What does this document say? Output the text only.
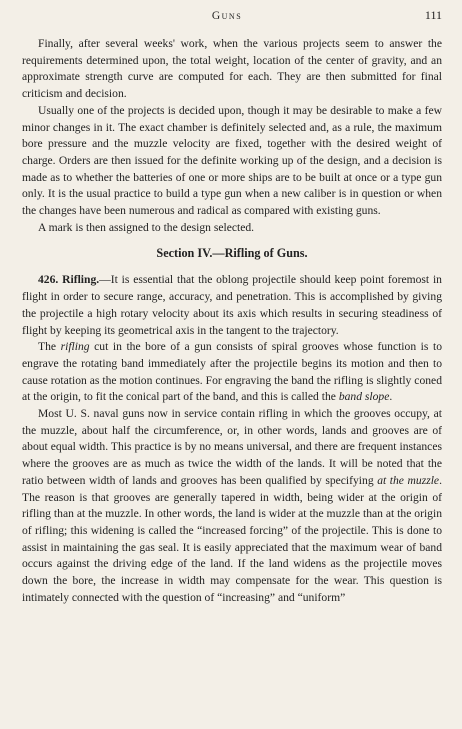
Guns	111

Finally, after several weeks' work, when the various projects seem to answer the requirements determined upon, the total weight, location of the center of gravity, and an approximate strength curve are computed for each. They are then submitted for final criticism and decision.

Usually one of the projects is decided upon, though it may be desirable to make a few minor changes in it. The exact chamber is definitely selected and, as a rule, the maximum bore pressure and the muzzle velocity are fixed, together with the desired weight of charge. Orders are then issued for the definite working up of the design, and a decision is made as to whether the batteries of one or more ships are to be built at once or a type gun only. It is the usual practice to build a type gun when a new caliber is in question or when the changes have been numerous and radical as compared with existing guns.

A mark is then assigned to the design selected.

Section IV.—Rifling of Guns.

426. Rifling.—It is essential that the oblong projectile should keep point foremost in flight in order to secure range, accuracy, and penetration. This is accomplished by giving the projectile a high rotary velocity about its axis which results in securing steadiness of flight by keeping its geometrical axis in the tangent to the trajectory.

The rifling cut in the bore of a gun consists of spiral grooves whose function is to engrave the rotating band immediately after the projectile begins its motion and then to cause rotation as the motion continues. For engraving the band the rifling is slightly coned at the origin, to fit the conical part of the band, and this is called the band slope.

Most U. S. naval guns now in service contain rifling in which the grooves occupy, at the muzzle, about half the circumference, or, in other words, lands and grooves are of about equal width. This practice is by no means universal, and there are frequent instances where the grooves are as much as twice the width of the lands. It will be noted that the ratio between width of lands and grooves has been qualified by specifying at the muzzle. The reason is that grooves are generally tapered in width, being wider at the origin of rifling than at the muzzle. In other words, the land is wider at the muzzle than at the origin of rifling; this widening is called the “increased forcing” of the projectile. This is done to assist in maintaining the gas seal. It is easily appreciated that the maximum wear of band occurs against the driving edge of the land. If the land widens as the projectile moves down the bore, the increase in width may compensate for the wear. This question is intimately connected with the question of “increasing” and “uniform”
